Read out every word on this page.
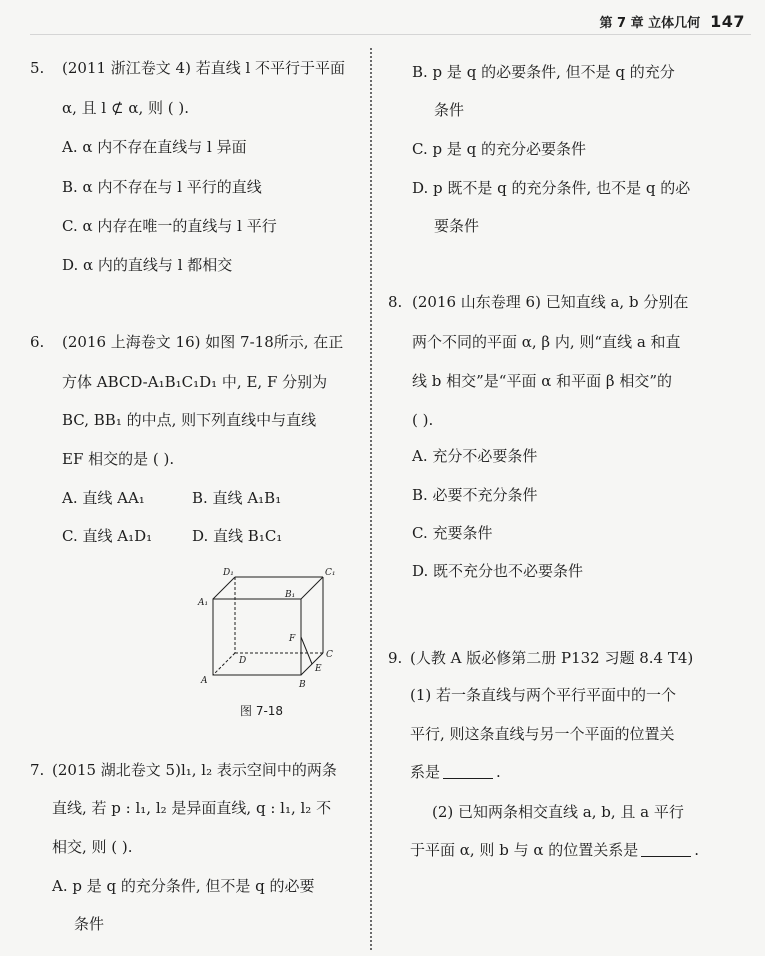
第 7 章 立体几何 147
5. (2011 浙江卷文 4) 若直线 l 不平行于平面
α, 且 l ⊄ α, 则 ( ).
A. α 内不存在直线与 l 异面
B. α 内不存在与 l 平行的直线
C. α 内存在唯一的直线与 l 平行
D. α 内的直线与 l 都相交
6. (2016 上海卷文 16) 如图 7-18所示, 在正
方体 ABCD-A₁B₁C₁D₁ 中, E, F 分别为
BC, BB₁ 的中点, 则下列直线中与直线
EF 相交的是 ( ).
A. 直线 AA₁	B. 直线 A₁B₁
C. 直线 A₁D₁	D. 直线 B₁C₁
D₁	C₁
A₁
B₁
F
D
C
E
A	B
图 7-18
7. (2015 湖北卷文 5)l₁, l₂ 表示空间中的两条
直线, 若 p : l₁, l₂ 是异面直线, q : l₁, l₂ 不
相交, 则 ( ).
A. p 是 q 的充分条件, 但不是 q 的必要
条件
B. p 是 q 的必要条件, 但不是 q 的充分
条件
C. p 是 q 的充分必要条件
D. p 既不是 q 的充分条件, 也不是 q 的必
要条件
8. (2016 山东卷理 6) 已知直线 a, b 分别在
两个不同的平面 α, β 内, 则“直线 a 和直
线 b 相交”是“平面 α 和平面 β 相交”的
( ).
A. 充分不必要条件
B. 必要不充分条件
C. 充要条件
D. 既不充分也不必要条件
9. (人教 A 版必修第二册 P132 习题 8.4 T4)
(1) 若一条直线与两个平行平面中的一个
平行, 则这条直线与另一个平面的位置关
系是	.
(2) 已知两条相交直线 a, b, 且 a 平行
于平面 α, 则 b 与 α 的位置关系是	.
